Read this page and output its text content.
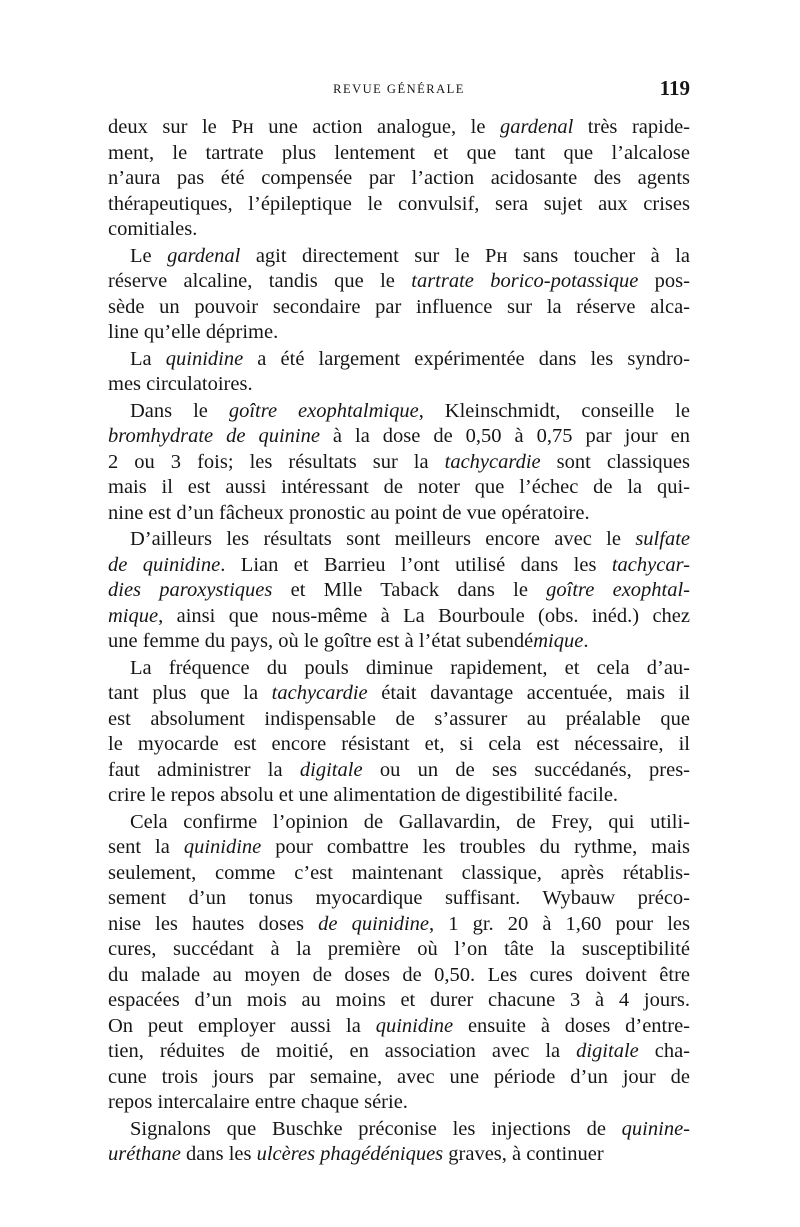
REVUE GÉNÉRALE	119

deux sur le Pʜ une action analogue, le gardenal très rapide-
ment, le tartrate plus lentement et que tant que l’alcalose
n’aura pas été compensée par l’action acidosante des agents
thérapeutiques, l’épileptique le convulsif, sera sujet aux crises
comitiales.

Le gardenal agit directement sur le Pʜ sans toucher à la
réserve alcaline, tandis que le tartrate borico-potassique pos-
sède un pouvoir secondaire par influence sur la réserve alca-
line qu’elle déprime.

La quinidine a été largement expérimentée dans les syndro-
mes circulatoires.

Dans le goître exophtalmique, Kleinschmidt, conseille le
bromhydrate de quinine à la dose de 0,50 à 0,75 par jour en
2 ou 3 fois; les résultats sur la tachycardie sont classiques
mais il est aussi intéressant de noter que l’échec de la qui-
nine est d’un fâcheux pronostic au point de vue opératoire.

D’ailleurs les résultats sont meilleurs encore avec le sulfate
de quinidine. Lian et Barrieu l’ont utilisé dans les tachycar-
dies paroxystiques et Mlle Taback dans le goître exophtal-
mique, ainsi que nous-même à La Bourboule (obs. inéd.) chez
une femme du pays, où le goître est à l’état subendémique.

La fréquence du pouls diminue rapidement, et cela d’au-
tant plus que la tachycardie était davantage accentuée, mais il
est absolument indispensable de s’assurer au préalable que
le myocarde est encore résistant et, si cela est nécessaire, il
faut administrer la digitale ou un de ses succédanés, pres-
crire le repos absolu et une alimentation de digestibilité facile.

Cela confirme l’opinion de Gallavardin, de Frey, qui utili-
sent la quinidine pour combattre les troubles du rythme, mais
seulement, comme c’est maintenant classique, après rétablis-
sement d’un tonus myocardique suffisant. Wybauw préco-
nise les hautes doses de quinidine, 1 gr. 20 à 1,60 pour les
cures, succédant à la première où l’on tâte la susceptibilité
du malade au moyen de doses de 0,50. Les cures doivent être
espacées d’un mois au moins et durer chacune 3 à 4 jours.
On peut employer aussi la quinidine ensuite à doses d’entre-
tien, réduites de moitié, en association avec la digitale cha-
cune trois jours par semaine, avec une période d’un jour de
repos intercalaire entre chaque série.

Signalons que Buschke préconise les injections de quinine-
uréthane dans les ulcères phagédéniques graves, à continuer
